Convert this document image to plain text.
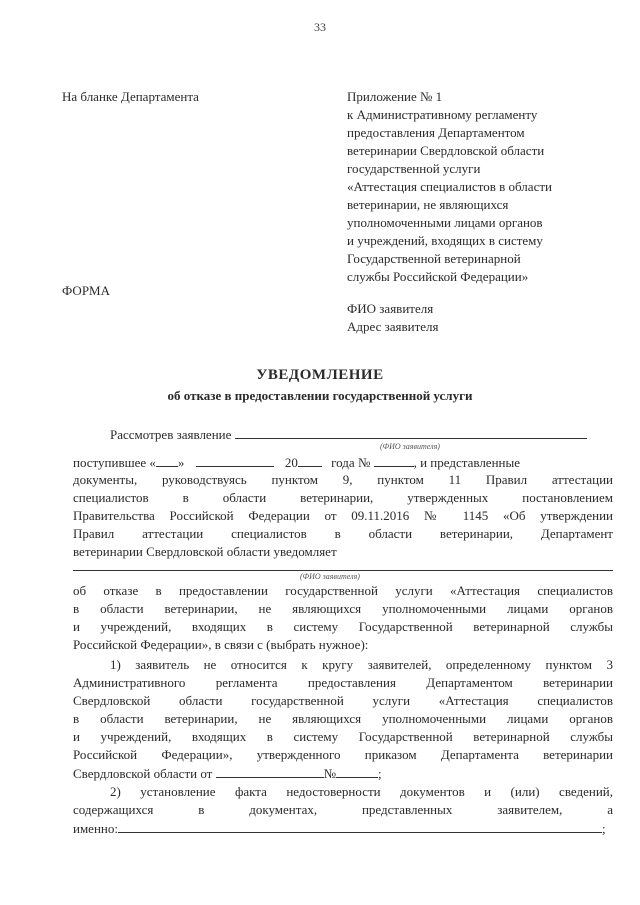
33
На бланке Департамента	Приложение № 1
к Административному регламенту
предоставления Департаментом
ветеринарии Свердловской области
государственной услуги
«Аттестация специалистов в области
ветеринарии, не являющихся
уполномоченными лицами органов
и учреждений, входящих в систему
Государственной ветеринарной
службы Российской Федерации»
ФОРМА
ФИО заявителя
Адрес заявителя
УВЕДОМЛЕНИЕ
об отказе в предоставлении государственной услуги
Рассмотрев заявление
(ФИО заявителя)
поступившее « »	20	года №	, и представленные
документы, руководствуясь пунктом 9, пунктом 11 Правил аттестации
специалистов в области ветеринарии, утвержденных постановлением
Правительства Российской Федерации от 09.11.2016 № 1145 «Об утверждении
Правил аттестации специалистов в области ветеринарии, Департамент
ветеринарии Свердловской области уведомляет
(ФИО заявителя)
об отказе в предоставлении государственной услуги «Аттестация специалистов
в области ветеринарии, не являющихся уполномоченными лицами органов
и учреждений, входящих в систему Государственной ветеринарной службы
Российской Федерации», в связи с (выбрать нужное):
1) заявитель не относится к кругу заявителей, определенному пунктом 3
Административного регламента предоставления Департаментом ветеринарии
Свердловской области государственной услуги «Аттестация специалистов
в области ветеринарии, не являющихся уполномоченными лицами органов
и учреждений, входящих в систему Государственной ветеринарной службы
Российской Федерации», утвержденного приказом Департамента ветеринарии
Свердловской области от	№	;
2) установление факта недостоверности документов и (или) сведений,
содержащихся в документах, представленных заявителем, а
именно:	;
